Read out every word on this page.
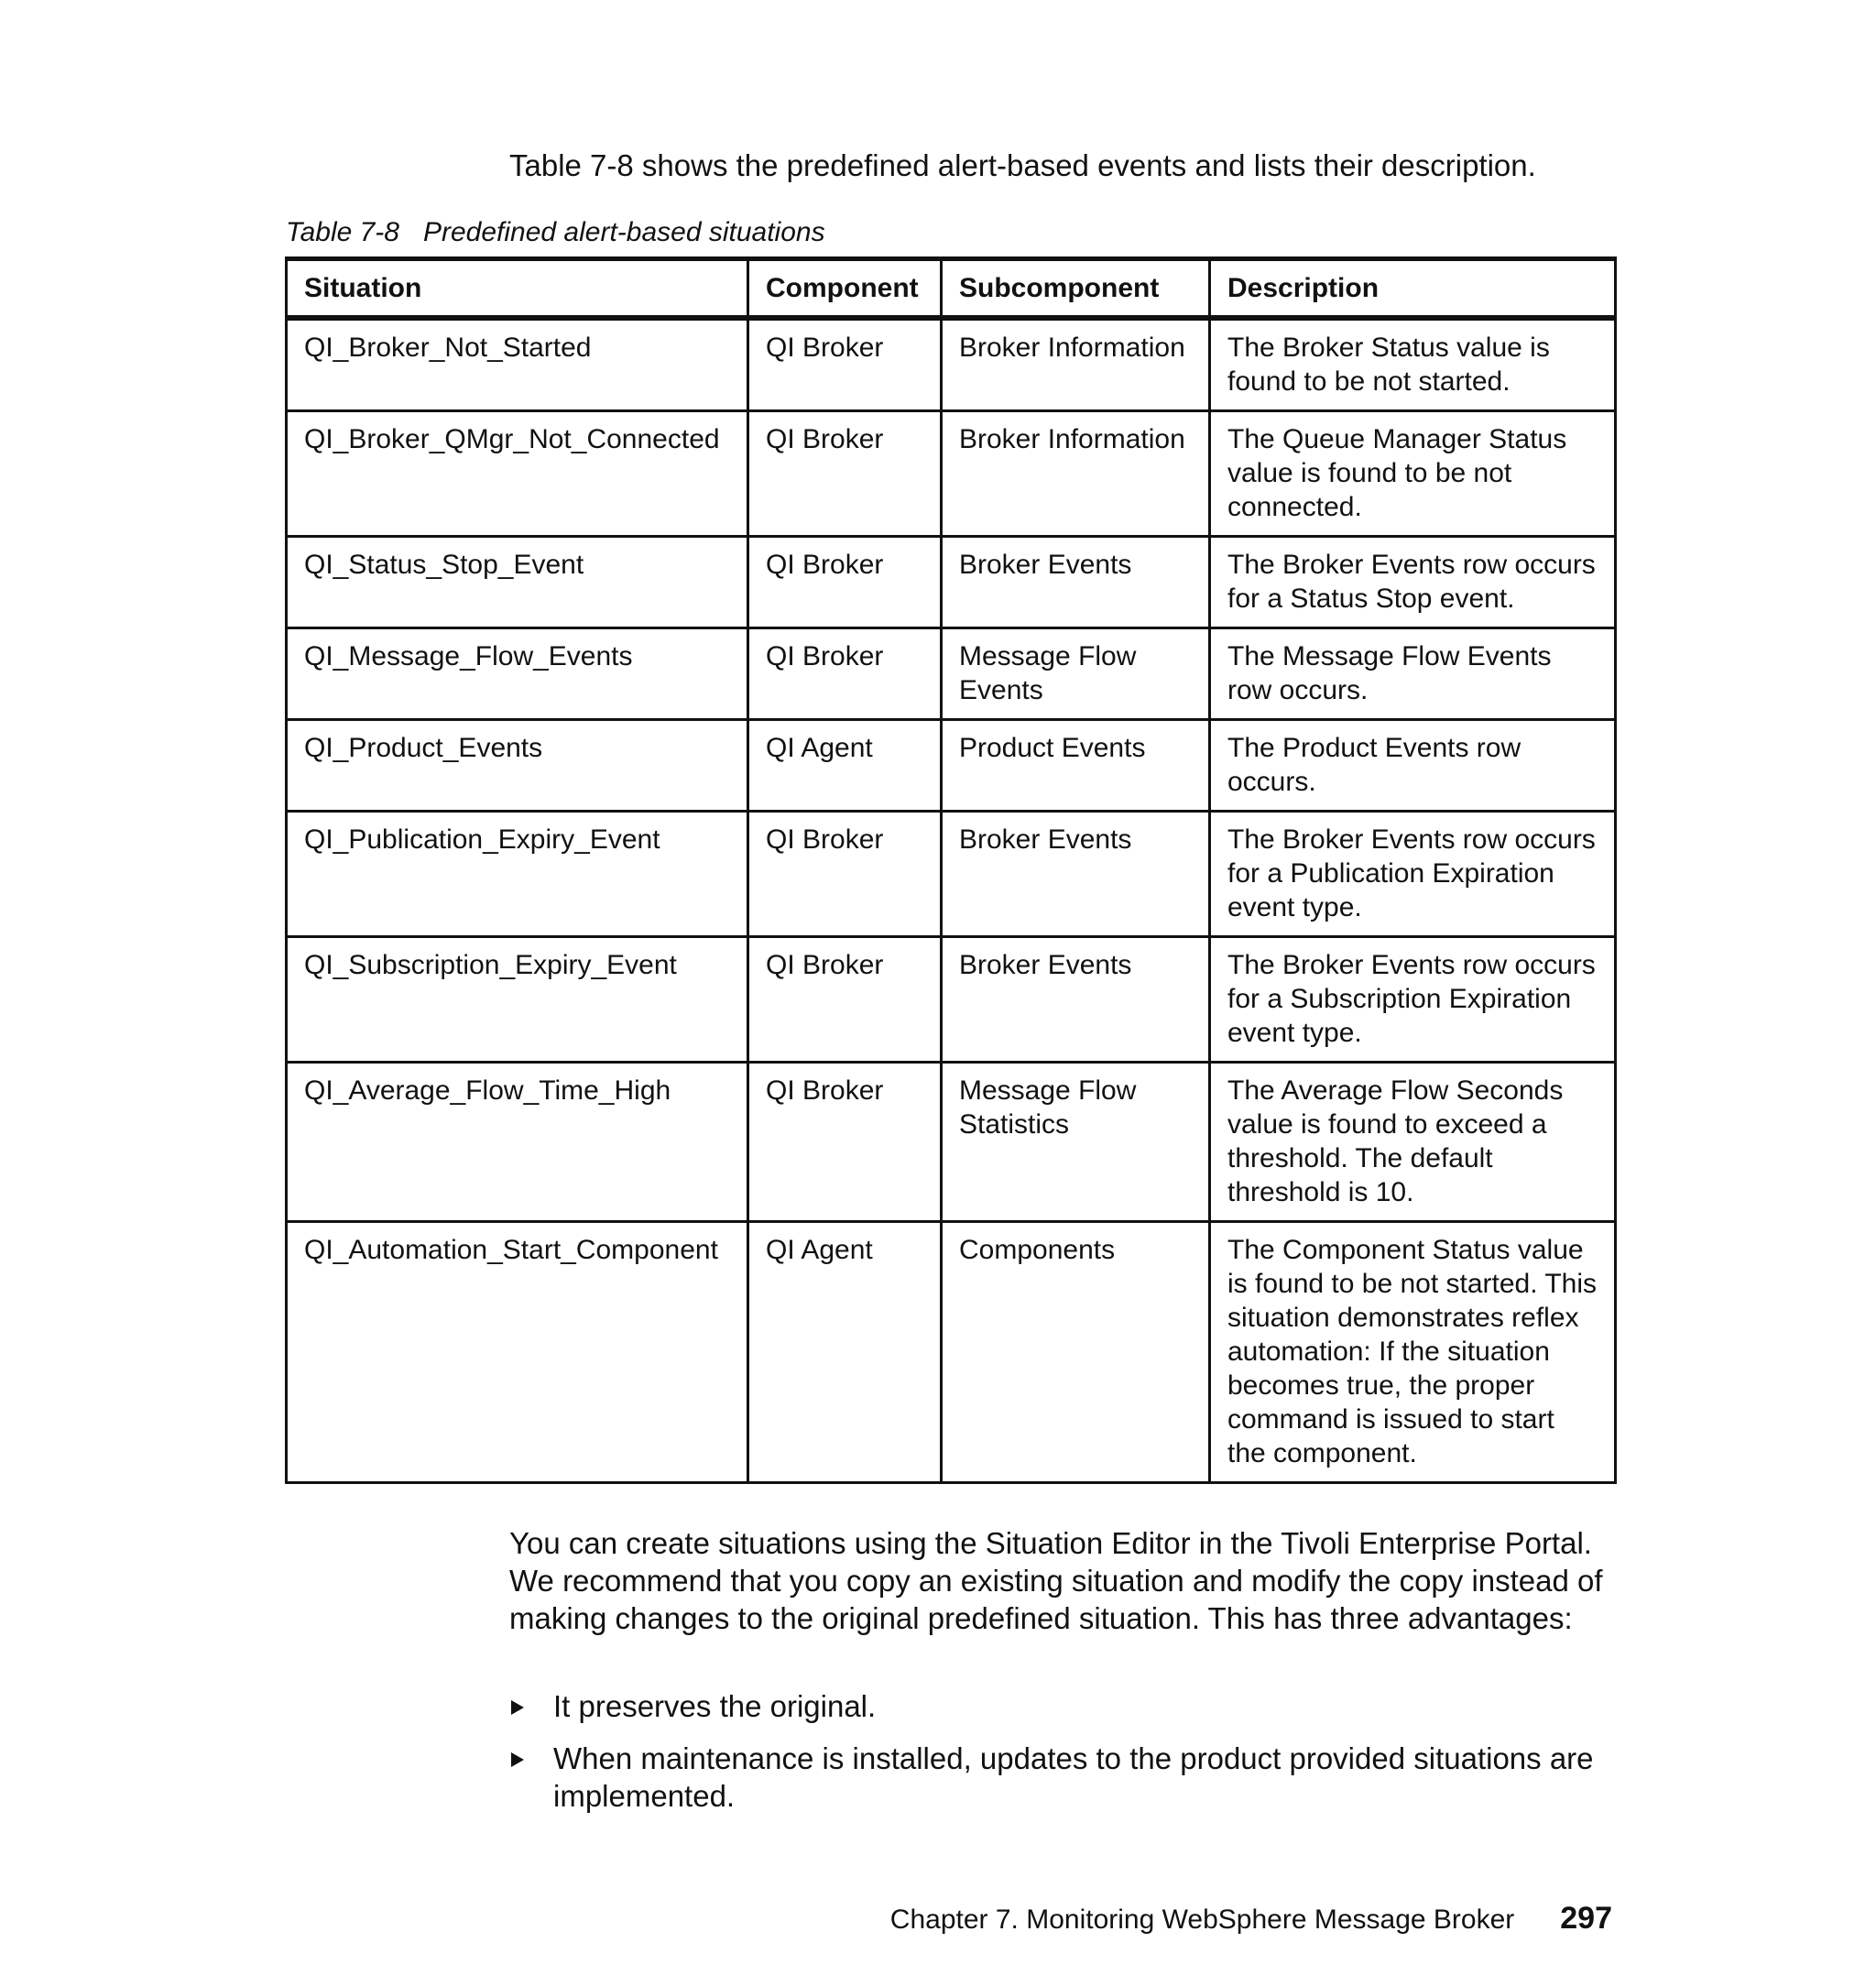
Table 7-8 shows the predefined alert-based events and lists their description.

Table 7-8 Predefined alert-based situations
Situation	Component	Subcomponent	Description
QI_Broker_Not_Started	QI Broker	Broker Information	The Broker Status value is found to be not started.
QI_Broker_QMgr_Not_Connected	QI Broker	Broker Information	The Queue Manager Status value is found to be not connected.
QI_Status_Stop_Event	QI Broker	Broker Events	The Broker Events row occurs for a Status Stop event.
QI_Message_Flow_Events	QI Broker	Message Flow Events	The Message Flow Events row occurs.
QI_Product_Events	QI Agent	Product Events	The Product Events row occurs.
QI_Publication_Expiry_Event	QI Broker	Broker Events	The Broker Events row occurs for a Publication Expiration event type.
QI_Subscription_Expiry_Event	QI Broker	Broker Events	The Broker Events row occurs for a Subscription Expiration event type.
QI_Average_Flow_Time_High	QI Broker	Message Flow Statistics	The Average Flow Seconds value is found to exceed a threshold. The default threshold is 10.
QI_Automation_Start_Component	QI Agent	Components	The Component Status value is found to be not started. This situation demonstrates reflex automation: If the situation becomes true, the proper command is issued to start the component.

You can create situations using the Situation Editor in the Tivoli Enterprise Portal. We recommend that you copy an existing situation and modify the copy instead of making changes to the original predefined situation. This has three advantages:

It preserves the original.
When maintenance is installed, updates to the product provided situations are implemented.
Chapter 7. Monitoring WebSphere Message Broker 297
